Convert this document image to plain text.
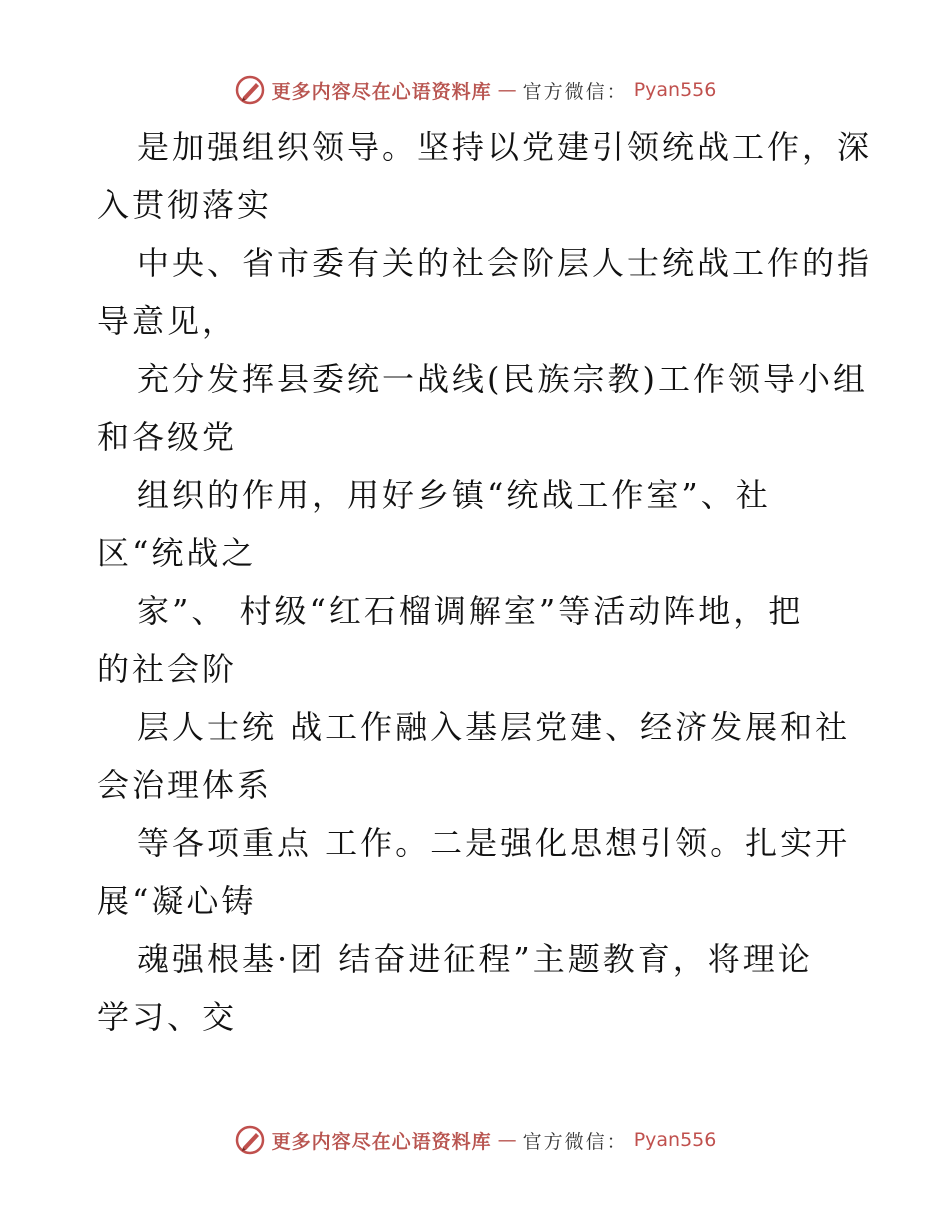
更多内容尽在心语资料库 — 官方微信： Pyan556
是加强组织领导。坚持以党建引领统战工作，深
入贯彻落实
中央、省市委有关的社会阶层人士统战工作的指
导意见，
充分发挥县委统一战线(民族宗教)工作领导小组
和各级党
组织的作用，用好乡镇“统战工作室”、社
区“统战之
家”、 村级“红石榴调解室”等活动阵地，把
的社会阶
层人士统 战工作融入基层党建、经济发展和社
会治理体系
等各项重点 工作。二是强化思想引领。扎实开
展“凝心铸
魂强根基·团 结奋进征程”主题教育，将理论
学习、交
更多内容尽在心语资料库 — 官方微信： Pyan556
